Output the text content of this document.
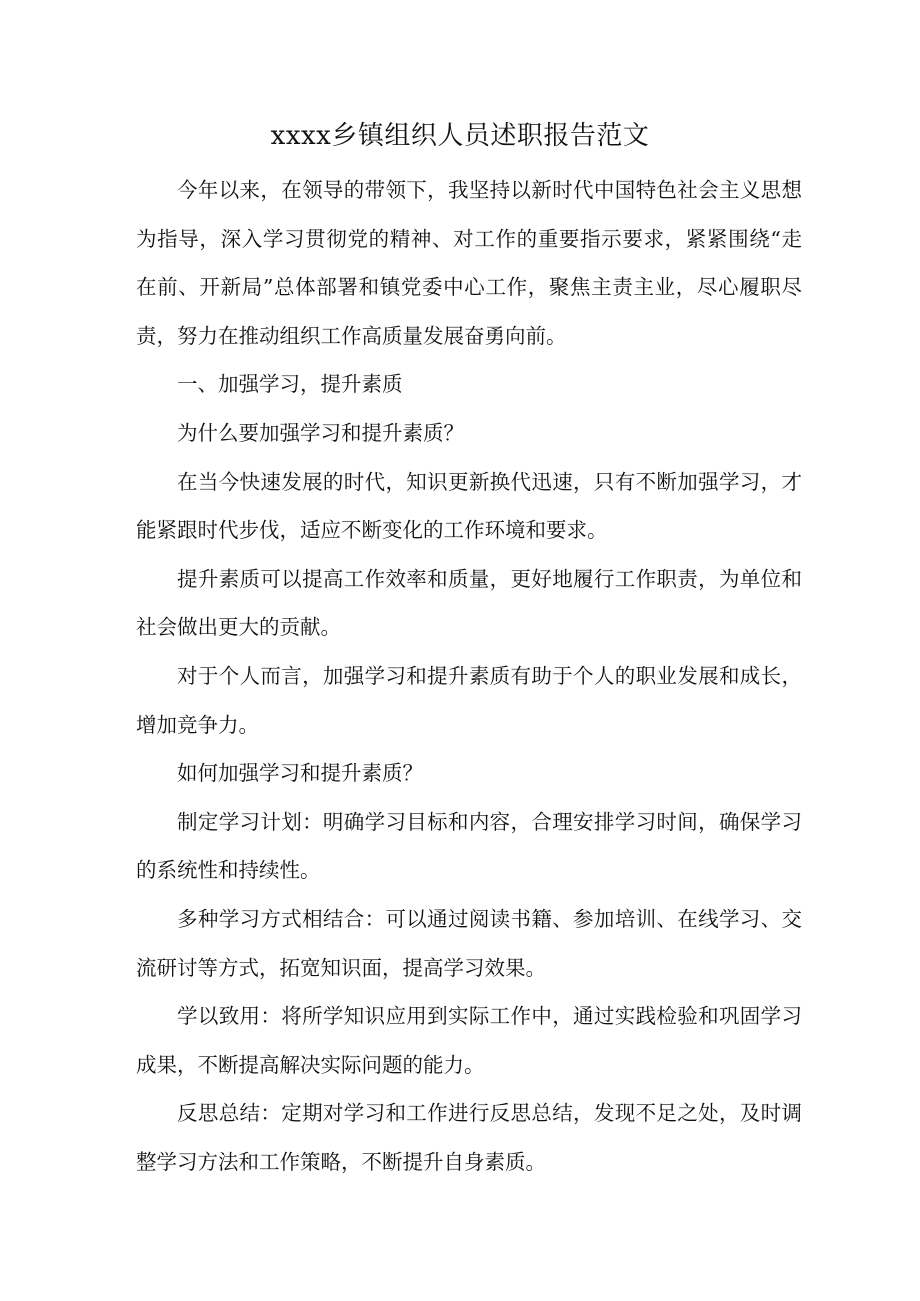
xxxx乡镇组织人员述职报告范文

今年以来，在领导的带领下，我坚持以新时代中国特色社会主义思想为指导，深入学习贯彻党的精神、对工作的重要指示要求，紧紧围绕“走在前、开新局”总体部署和镇党委中心工作，聚焦主责主业，尽心履职尽责，努力在推动组织工作高质量发展奋勇向前。

一、加强学习，提升素质

为什么要加强学习和提升素质？

在当今快速发展的时代，知识更新换代迅速，只有不断加强学习，才能紧跟时代步伐，适应不断变化的工作环境和要求。

提升素质可以提高工作效率和质量，更好地履行工作职责，为单位和社会做出更大的贡献。

对于个人而言，加强学习和提升素质有助于个人的职业发展和成长，增加竞争力。

如何加强学习和提升素质？

制定学习计划：明确学习目标和内容，合理安排学习时间，确保学习的系统性和持续性。

多种学习方式相结合：可以通过阅读书籍、参加培训、在线学习、交流研讨等方式，拓宽知识面，提高学习效果。

学以致用：将所学知识应用到实际工作中，通过实践检验和巩固学习成果，不断提高解决实际问题的能力。

反思总结：定期对学习和工作进行反思总结，发现不足之处，及时调整学习方法和工作策略，不断提升自身素质。
